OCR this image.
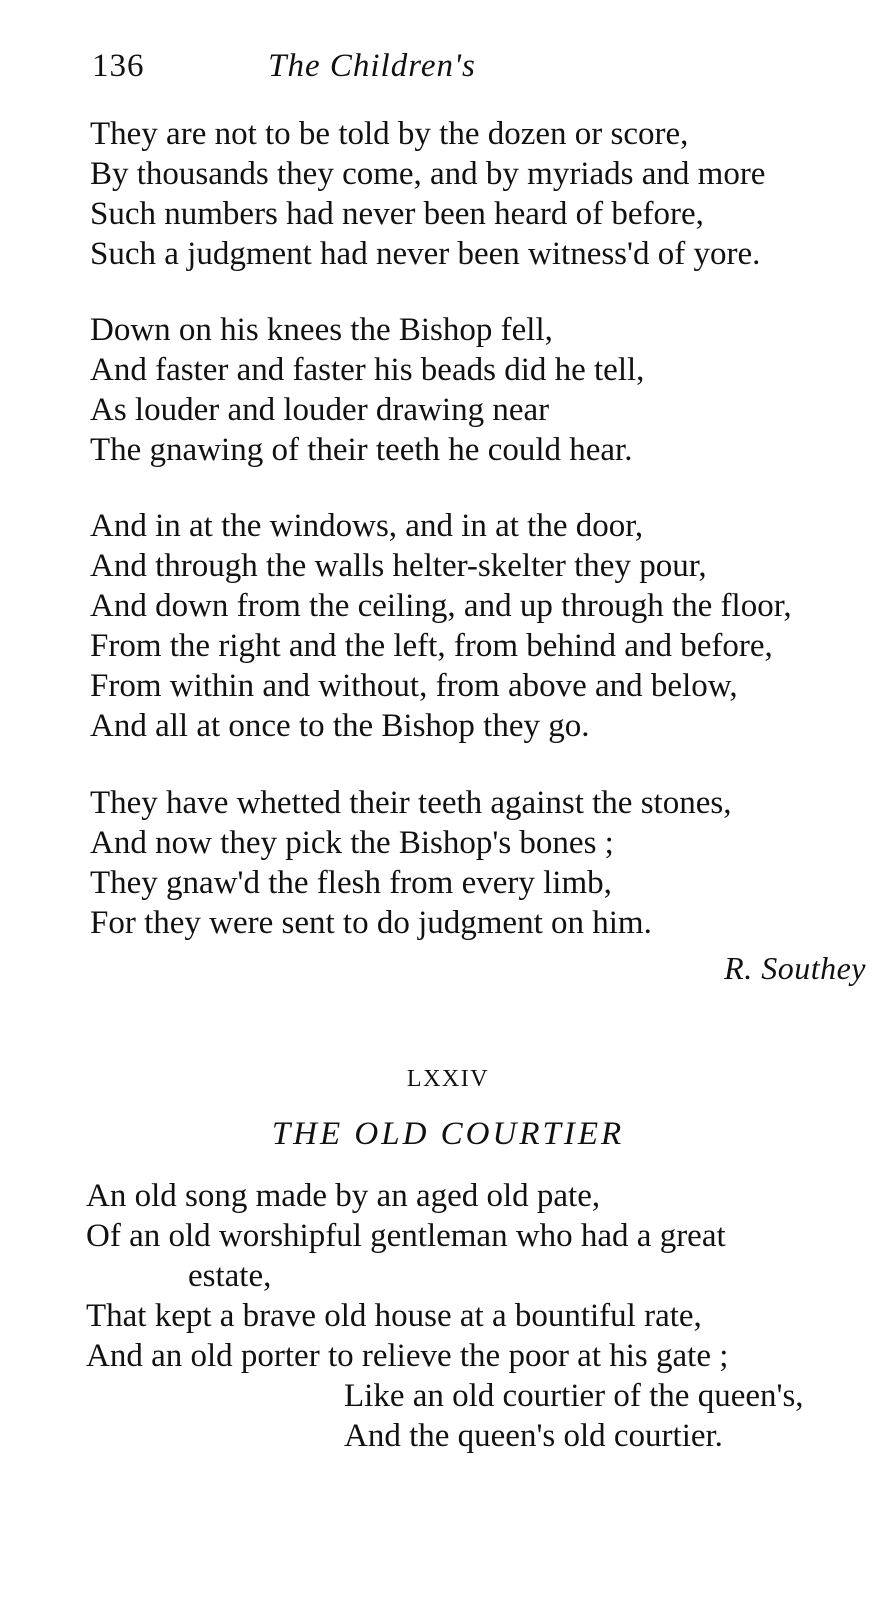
136	The Children's
They are not to be told by the dozen or score,
By thousands they come, and by myriads and more
Such numbers had never been heard of before,
Such a judgment had never been witness'd of yore.
Down on his knees the Bishop fell,
And faster and faster his beads did he tell,
As louder and louder drawing near
The gnawing of their teeth he could hear.
And in at the windows, and in at the door,
And through the walls helter-skelter they pour,
And down from the ceiling, and up through the floor,
From the right and the left, from behind and before,
From within and without, from above and below,
And all at once to the Bishop they go.
They have whetted their teeth against the stones,
And now they pick the Bishop's bones ;
They gnaw'd the flesh from every limb,
For they were sent to do judgment on him.
R. Southey
LXXIV
THE OLD COURTIER
An old song made by an aged old pate,
Of an old worshipful gentleman who had a great
estate,
That kept a brave old house at a bountiful rate,
And an old porter to relieve the poor at his gate ;
Like an old courtier of the queen's,
And the queen's old courtier.
